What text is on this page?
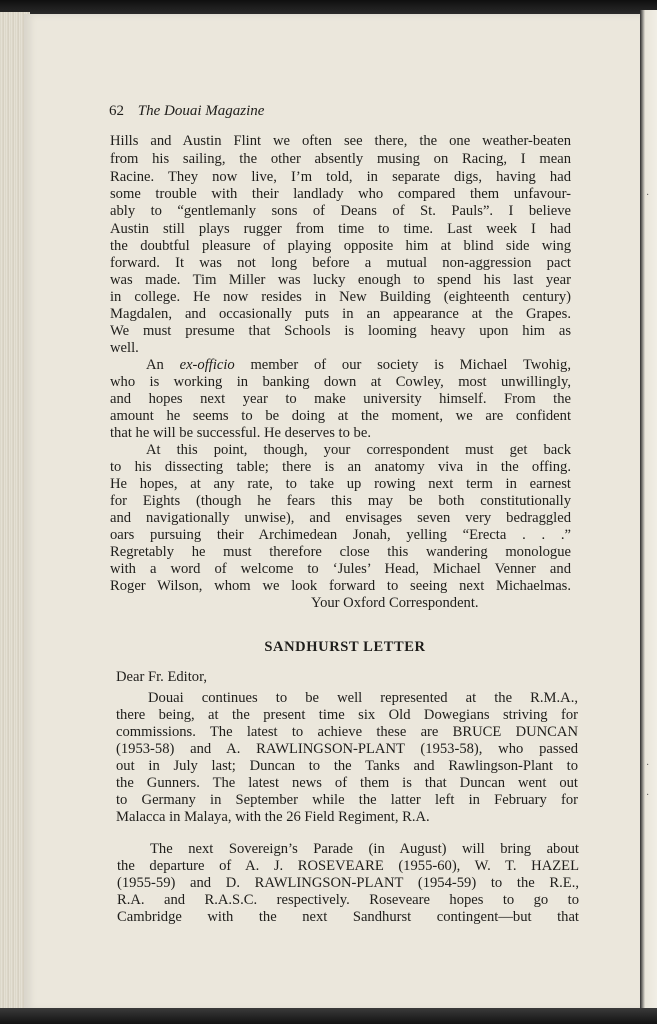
62 The Douai Magazine
Hills and Austin Flint we often see there, the one weather-beaten
from his sailing, the other absently musing on Racing, I mean
Racine. They now live, I’m told, in separate digs, having had
some trouble with their landlady who compared them unfavour-
ably to “gentlemanly sons of Deans of St. Pauls”. I believe
Austin still plays rugger from time to time. Last week I had
the doubtful pleasure of playing opposite him at blind side wing
forward. It was not long before a mutual non-aggression pact
was made. Tim Miller was lucky enough to spend his last year
in college. He now resides in New Building (eighteenth century)
Magdalen, and occasionally puts in an appearance at the Grapes.
We must presume that Schools is looming heavy upon him as
well.
An ex-officio member of our society is Michael Twohig,
who is working in banking down at Cowley, most unwillingly,
and hopes next year to make university himself. From the
amount he seems to be doing at the moment, we are confident
that he will be successful. He deserves to be.
At this point, though, your correspondent must get back
to his dissecting table; there is an anatomy viva in the offing.
He hopes, at any rate, to take up rowing next term in earnest
for Eights (though he fears this may be both constitutionally
and navigationally unwise), and envisages seven very bedraggled
oars pursuing their Archimedean Jonah, yelling “Erecta . . .”
Regretably he must therefore close this wandering monologue
with a word of welcome to ‘Jules’ Head, Michael Venner and
Roger Wilson, whom we look forward to seeing next Michaelmas.
Your Oxford Correspondent.
SANDHURST LETTER
Dear Fr. Editor,
Douai continues to be well represented at the R.M.A.,
there being, at the present time six Old Dowegians striving for
commissions. The latest to achieve these are BRUCE DUNCAN
(1953-58) and A. RAWLINGSON-PLANT (1953-58), who passed
out in July last; Duncan to the Tanks and Rawlingson-Plant to
the Gunners. The latest news of them is that Duncan went out
to Germany in September while the latter left in February for
Malacca in Malaya, with the 26 Field Regiment, R.A.
The next Sovereign’s Parade (in August) will bring about
the departure of A. J. ROSEVEARE (1955-60), W. T. HAZEL
(1955-59) and D. RAWLINGSON-PLANT (1954-59) to the R.E.,
R.A. and R.A.S.C. respectively. Roseveare hopes to go to
Cambridge with the next Sandhurst contingent—but that
·
·
·
